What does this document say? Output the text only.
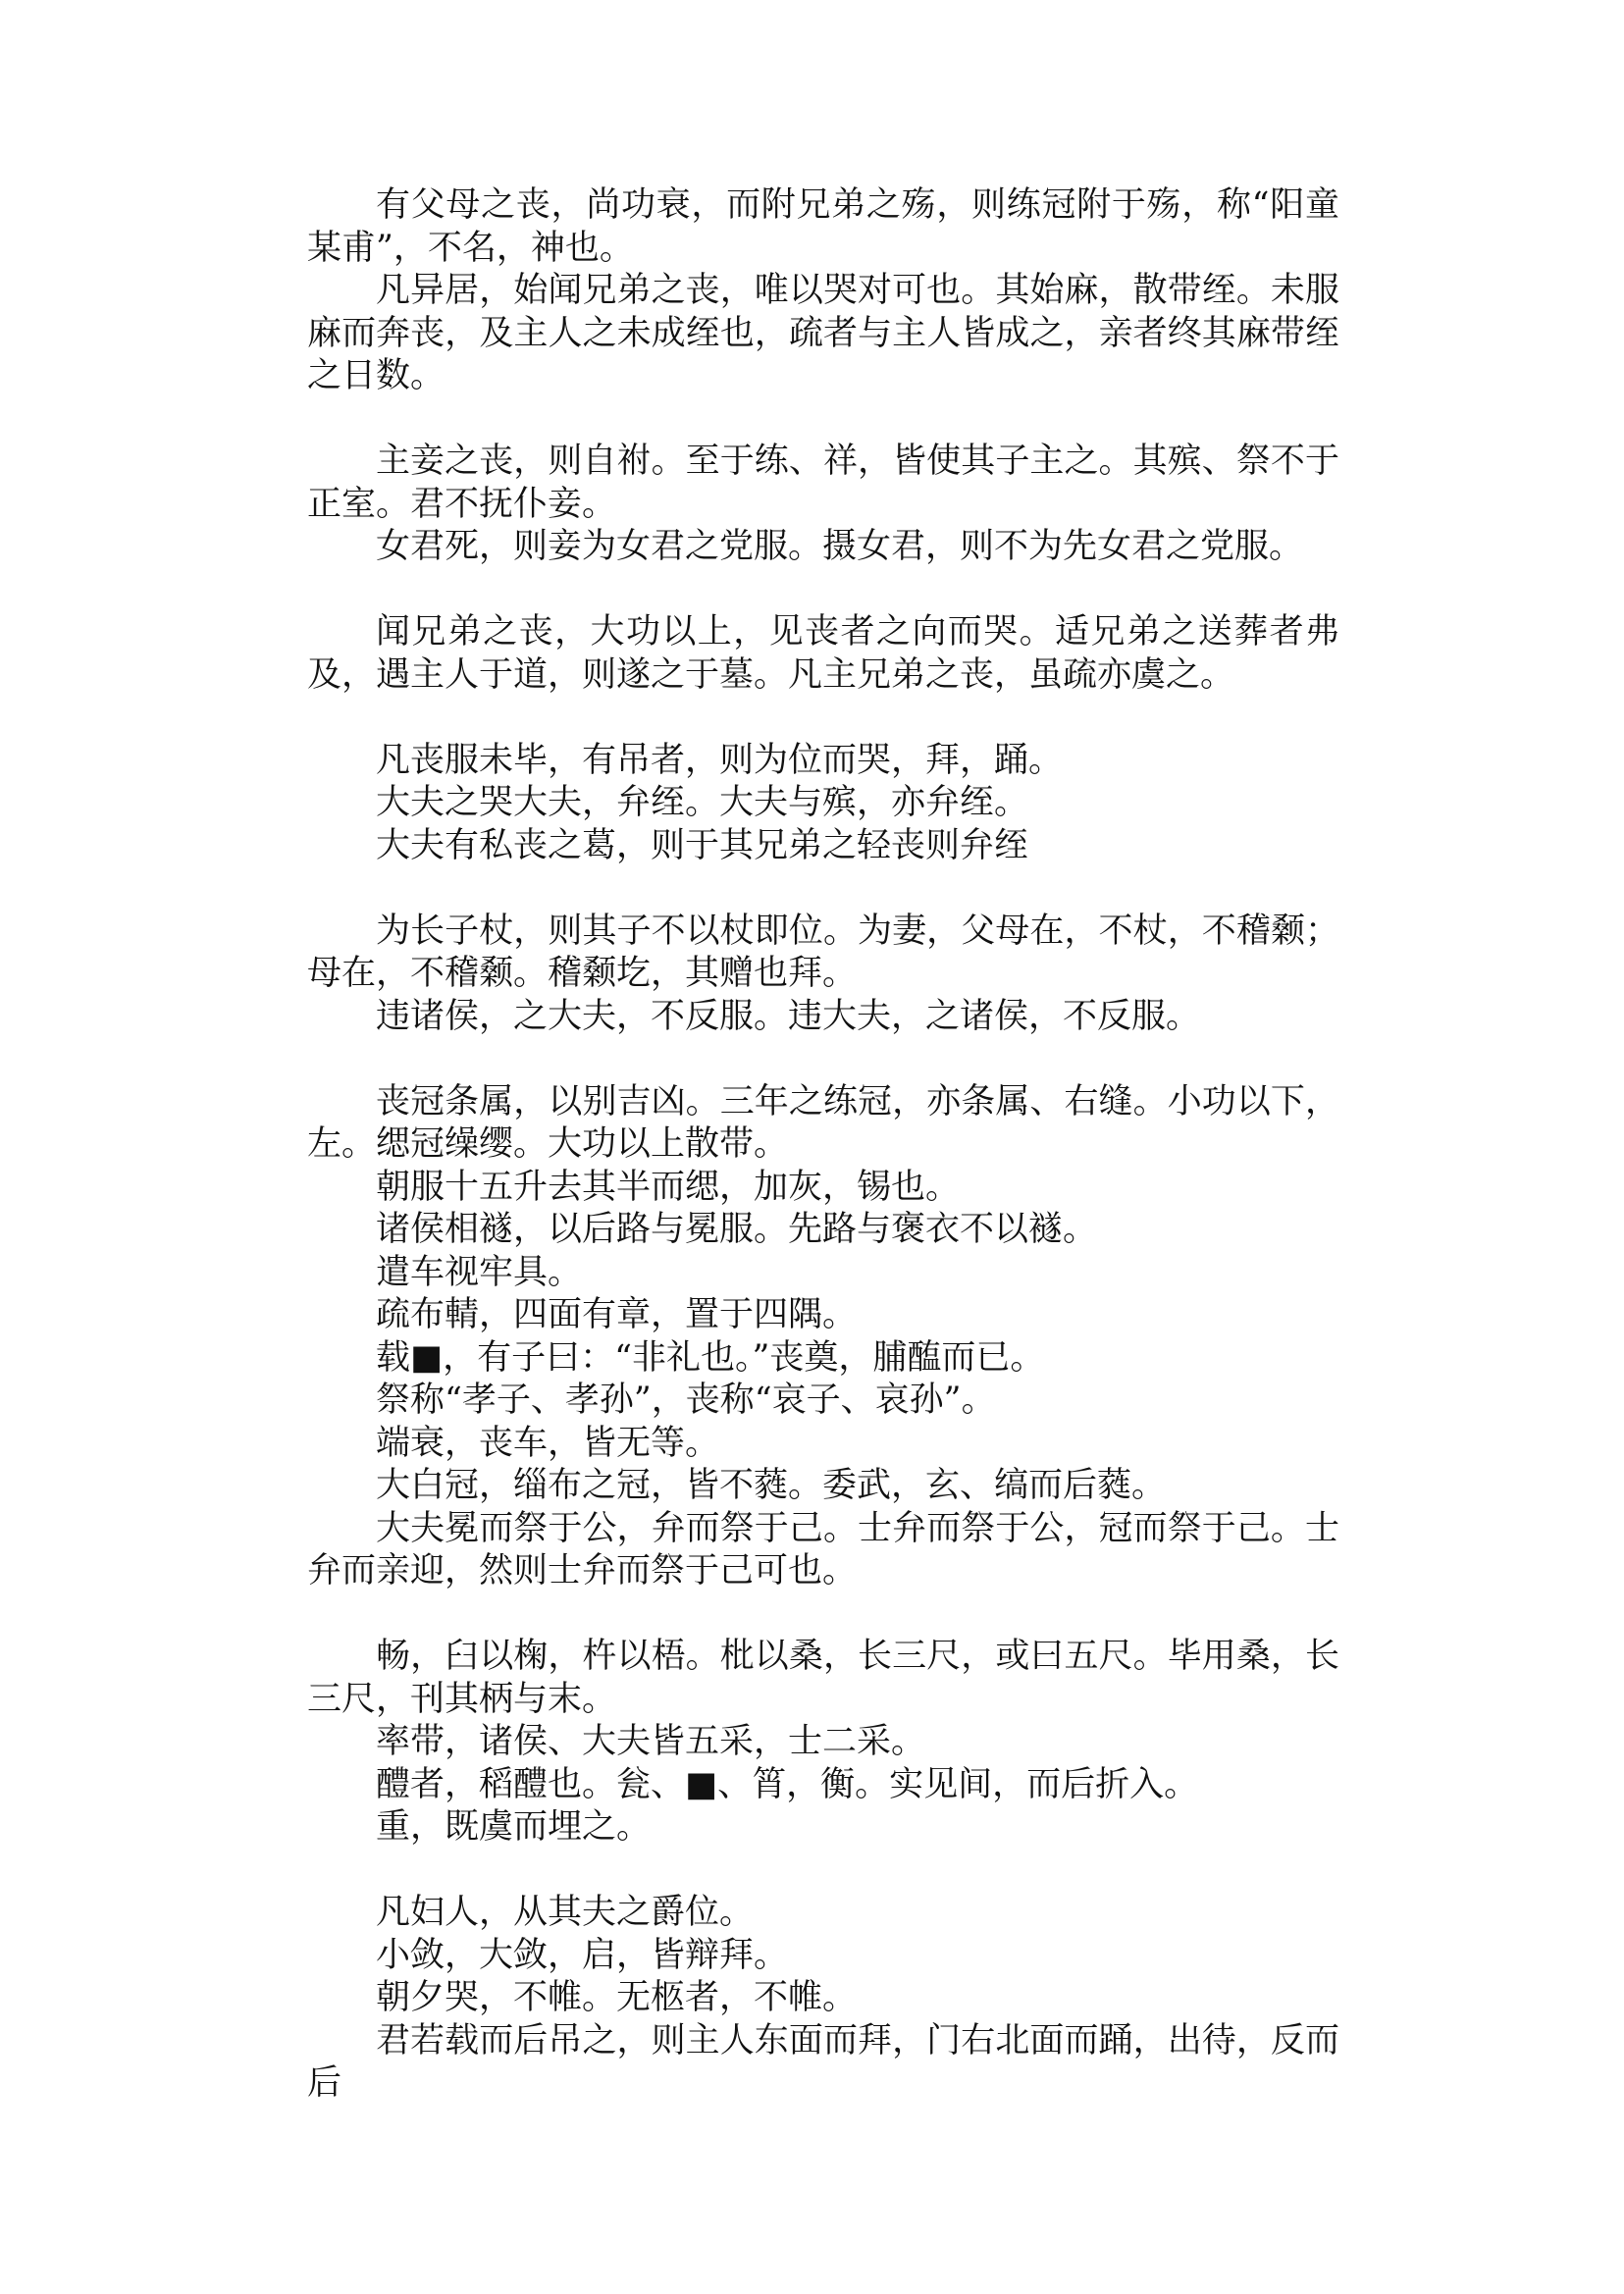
有父母之丧，尚功衰，而附兄弟之殇，则练冠附于殇，称“阳童某甫”，不名，神也。

凡异居，始闻兄弟之丧，唯以哭对可也。其始麻，散带绖。未服麻而奔丧，及主人之未成绖也，疏者与主人皆成之，亲者终其麻带绖之日数。

主妾之丧，则自祔。至于练、祥，皆使其子主之。其殡、祭不于正室。君不抚仆妾。

女君死，则妾为女君之党服。摄女君，则不为先女君之党服。

闻兄弟之丧，大功以上，见丧者之向而哭。适兄弟之送葬者弗及，遇主人于道，则遂之于墓。凡主兄弟之丧，虽疏亦虞之。

凡丧服未毕，有吊者，则为位而哭，拜，踊。

大夫之哭大夫，弁绖。大夫与殡，亦弁绖。

大夫有私丧之葛，则于其兄弟之轻丧则弁绖

为长子杖，则其子不以杖即位。为妻，父母在，不杖，不稽颡；母在，不稽颡。稽颡圪，其赠也拜。

违诸侯，之大夫，不反服。违大夫，之诸侯，不反服。

丧冠条属，以别吉凶。三年之练冠，亦条属、右缝。小功以下，左。缌冠缲缨。大功以上散带。

朝服十五升去其半而缌，加灰，锡也。

诸侯相襚，以后路与冕服。先路与褒衣不以襚。

遣车视牢具。

疏布輤，四面有章，置于四隅。

载■，有子曰：“非礼也。”丧奠，脯醢而已。

祭称“孝子、孝孙”，丧称“哀子、哀孙”。

端衰，丧车，皆无等。

大白冠，缁布之冠，皆不蕤。委武，玄、缟而后蕤。

大夫冕而祭于公，弁而祭于己。士弁而祭于公，冠而祭于己。士弁而亲迎，然则士弁而祭于己可也。

畅，臼以椈，杵以梧。枇以桑，长三尺，或曰五尺。毕用桑，长三尺，刊其柄与末。

率带，诸侯、大夫皆五采，士二采。

醴者，稻醴也。瓮、■、筲，衡。实见间，而后折入。

重，既虞而埋之。

凡妇人，从其夫之爵位。

小敛，大敛，启，皆辩拜。

朝夕哭，不帷。无柩者，不帷。

君若载而后吊之，则主人东面而拜，门右北面而踊，出待，反而后
